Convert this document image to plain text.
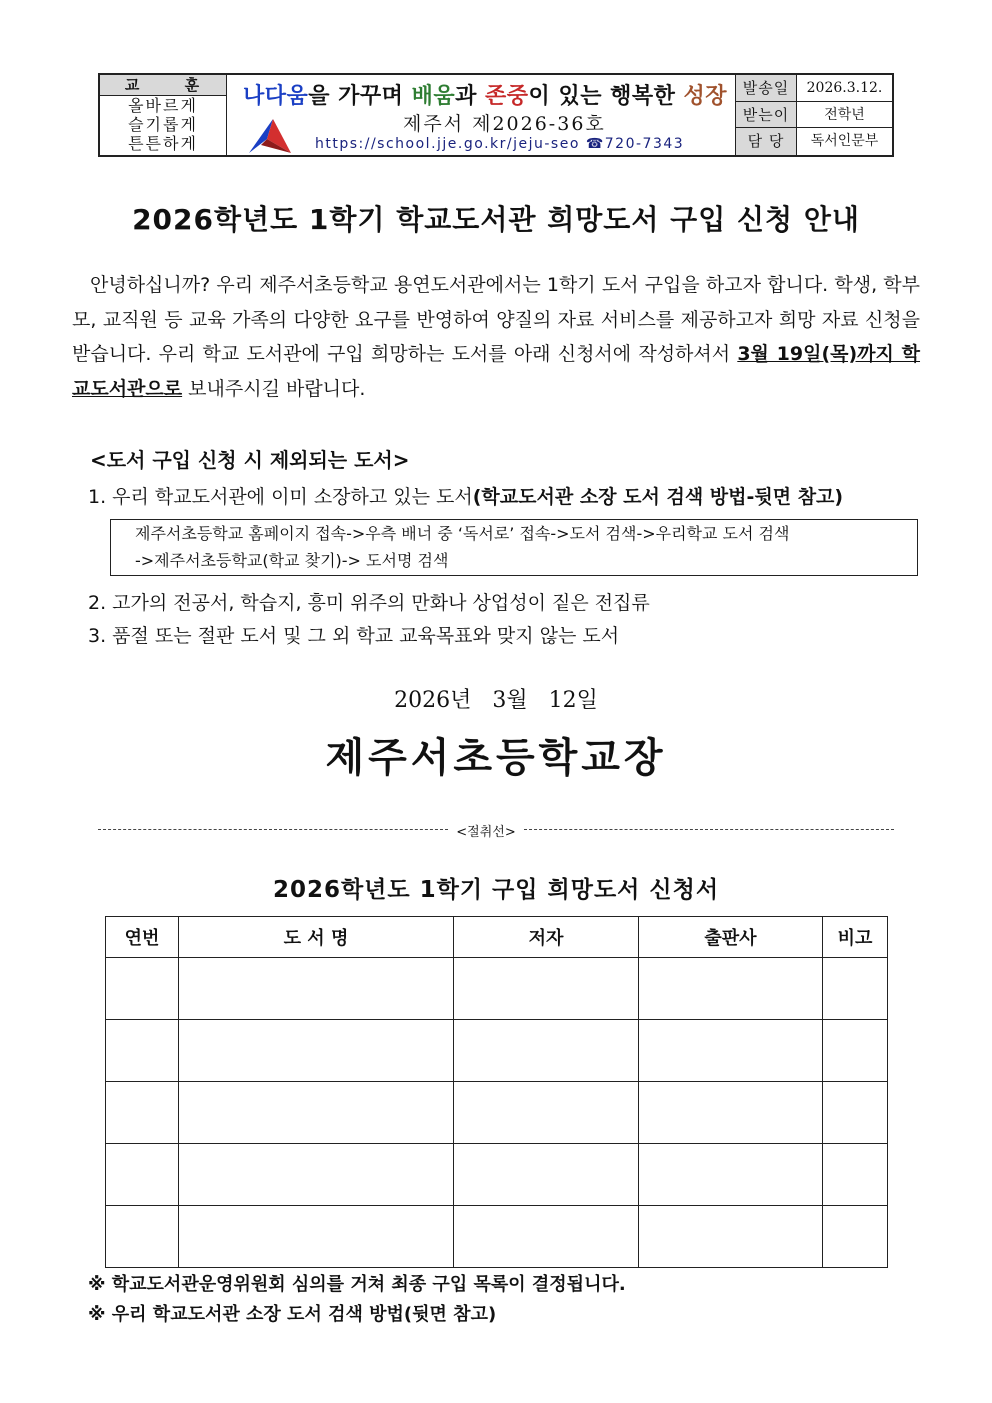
교 훈
올바르게
슬기롭게
튼튼하게
나다움을 가꾸며 배움과 존중이 있는 행복한 성장
제주서 제2026-36호
https://school.jje.go.kr/jeju-seo ☎720-7343
발송일	2026.3.12.
받는이	전학년
담 당	독서인문부
2026학년도 1학기 학교도서관 희망도서 구입 신청 안내
안녕하십니까? 우리 제주서초등학교 용연도서관에서는 1학기 도서 구입을 하고자 합니다. 학생, 학부모, 교직원 등 교육 가족의 다양한 요구를 반영하여 양질의 자료 서비스를 제공하고자 희망 자료 신청을 받습니다. 우리 학교 도서관에 구입 희망하는 도서를 아래 신청서에 작성하셔서 3월 19일(목)까지 학교도서관으로 보내주시길 바랍니다.
<도서 구입 신청 시 제외되는 도서>
1. 우리 학교도서관에 이미 소장하고 있는 도서(학교도서관 소장 도서 검색 방법-뒷면 참고)
제주서초등학교 홈페이지 접속->우측 배너 중 ‘독서로’ 접속->도서 검색->우리학교 도서 검색
->제주서초등학교(학교 찾기)-> 도서명 검색
2. 고가의 전공서, 학습지, 흥미 위주의 만화나 상업성이 짙은 전집류
3. 품절 또는 절판 도서 및 그 외 학교 교육목표와 맞지 않는 도서
2026년 3월 12일
제주서초등학교장
<절취선>
2026학년도 1학기 구입 희망도서 신청서
연번	도 서 명	저자	출판사	비고

※ 학교도서관운영위원회 심의를 거쳐 최종 구입 목록이 결정됩니다.
※ 우리 학교도서관 소장 도서 검색 방법(뒷면 참고)
